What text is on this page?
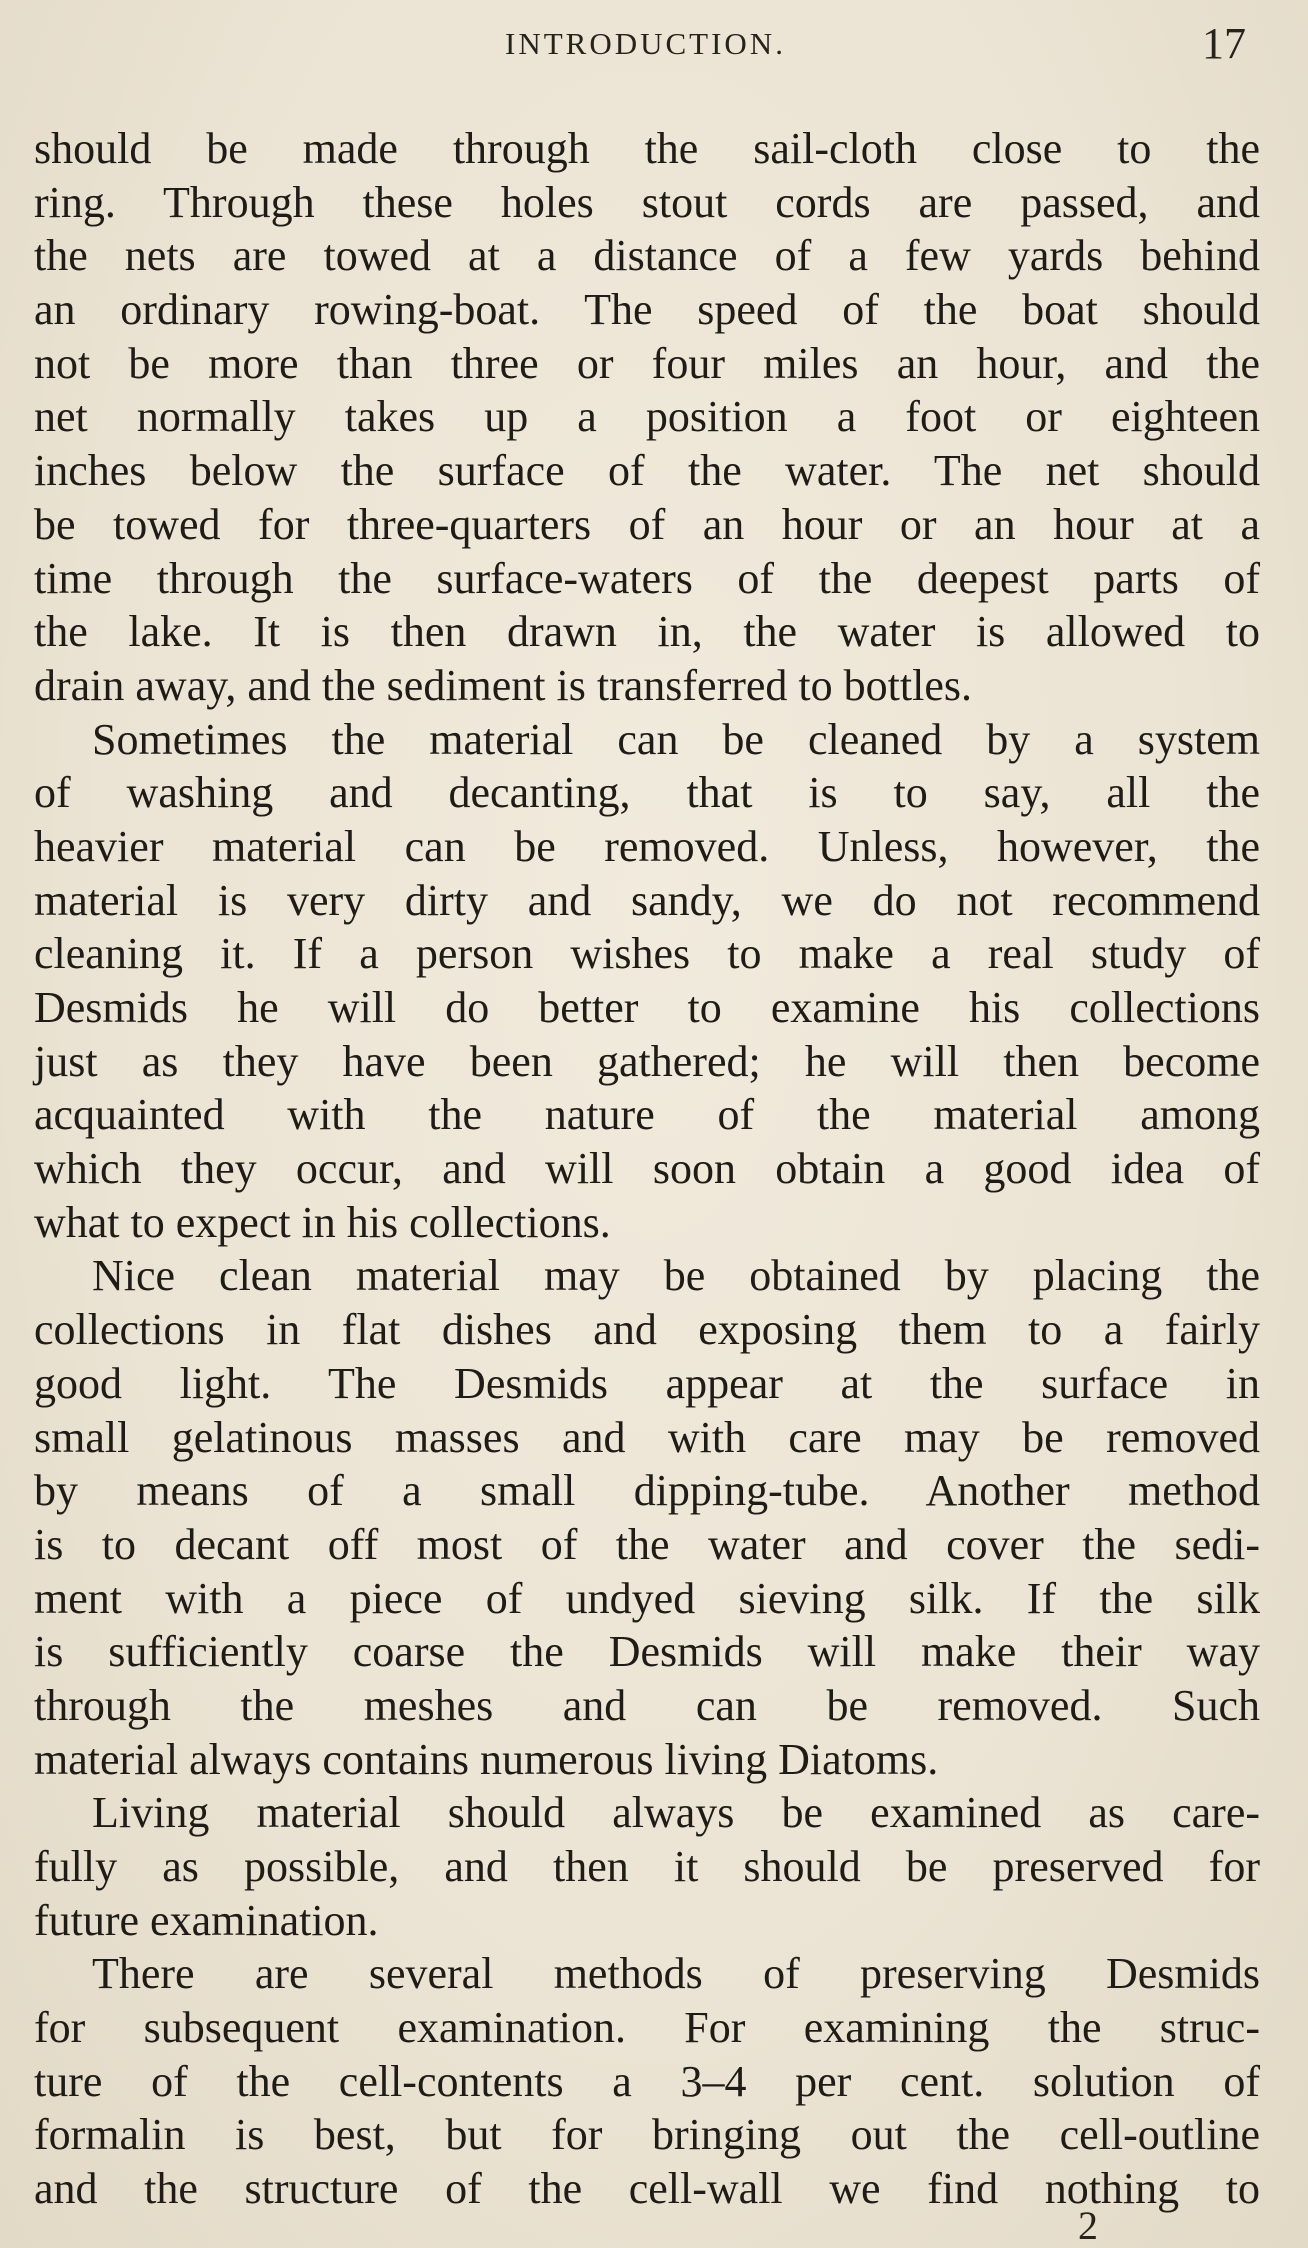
INTRODUCTION.	17
should be made through the sail-cloth close to the
ring. Through these holes stout cords are passed, and
the nets are towed at a distance of a few yards behind
an ordinary rowing-boat. The speed of the boat should
not be more than three or four miles an hour, and the
net normally takes up a position a foot or eighteen
inches below the surface of the water. The net should
be towed for three-quarters of an hour or an hour at a
time through the surface-waters of the deepest parts of
the lake. It is then drawn in, the water is allowed to
drain away, and the sediment is transferred to bottles.
Sometimes the material can be cleaned by a system
of washing and decanting, that is to say, all the
heavier material can be removed. Unless, however, the
material is very dirty and sandy, we do not recommend
cleaning it. If a person wishes to make a real study of
Desmids he will do better to examine his collections
just as they have been gathered; he will then become
acquainted with the nature of the material among
which they occur, and will soon obtain a good idea of
what to expect in his collections.
Nice clean material may be obtained by placing the
collections in flat dishes and exposing them to a fairly
good light. The Desmids appear at the surface in
small gelatinous masses and with care may be removed
by means of a small dipping-tube. Another method
is to decant off most of the water and cover the sedi-
ment with a piece of undyed sieving silk. If the silk
is sufficiently coarse the Desmids will make their way
through the meshes and can be removed. Such
material always contains numerous living Diatoms.
Living material should always be examined as care-
fully as possible, and then it should be preserved for
future examination.
There are several methods of preserving Desmids
for subsequent examination. For examining the struc-
ture of the cell-contents a 3–4 per cent. solution of
formalin is best, but for bringing out the cell-outline
and the structure of the cell-wall we find nothing to
2
